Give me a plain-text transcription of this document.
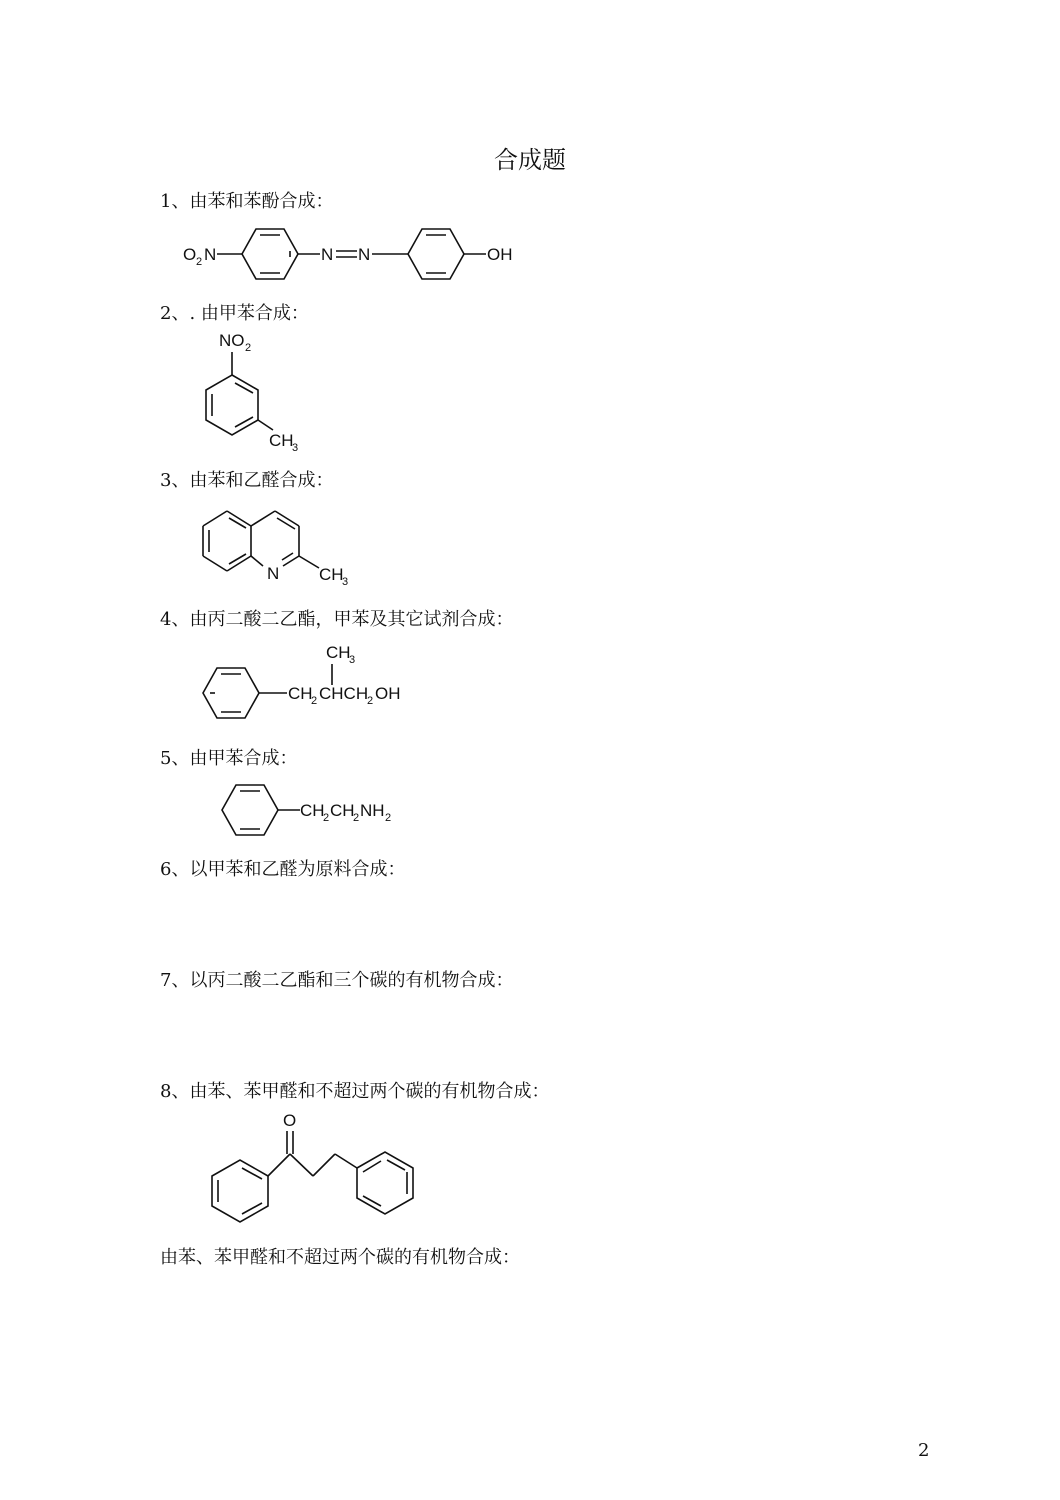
合成题
1、由苯和苯酚合成：
2、. 由甲苯合成：
3、由苯和乙醛合成：
4、由丙二酸二乙酯，甲苯及其它试剂合成：
5、由甲苯合成：
6、以甲苯和乙醛为原料合成：
7、以丙二酸二乙酯和三个碳的有机物合成：
8、由苯、苯甲醛和不超过两个碳的有机物合成：
由苯、苯甲醛和不超过两个碳的有机物合成：
O 2 N	N N	OH
NO 2
CH
3
N CH
3
CH
3
CH
2 CHCH
2 OH
CH
2 CH
2 NH 2
O
2
